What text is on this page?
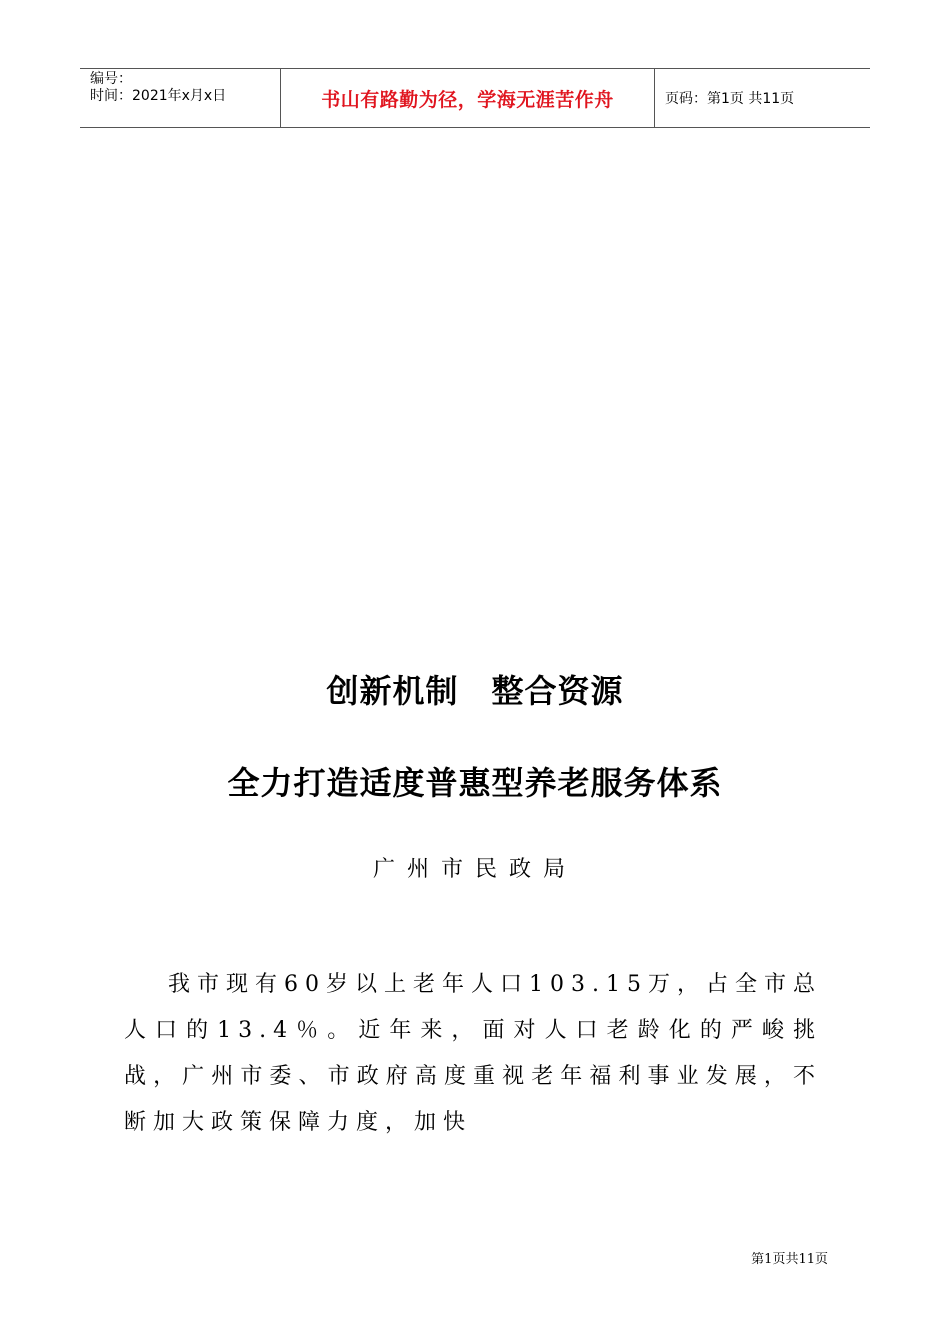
编号：
时间：2021年x月x日	书山有路勤为径，学海无涯苦作舟	页码：第1页 共11页
创新机制　整合资源
全力打造适度普惠型养老服务体系
广州市民政局
我市现有60岁以上老年人口103.15万，占全市总人口的13.4％。近年来，面对人口老龄化的严峻挑战，广州市委、市政府高度重视老年福利事业发展，不断加大政策保障力度，加快
第1页共11页
